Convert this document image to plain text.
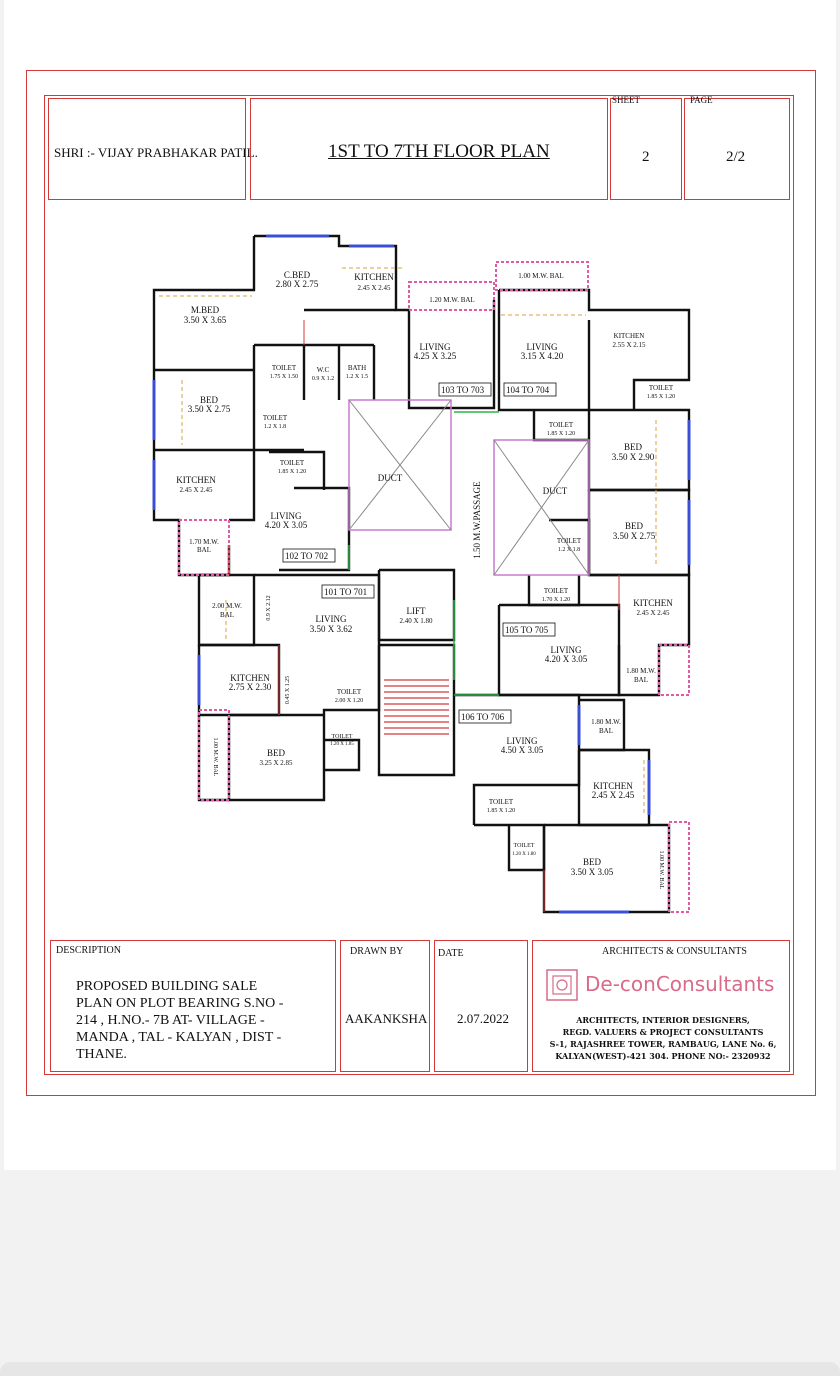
SHRI :- VIJAY PRABHAKAR PATIL.	1ST TO 7TH FLOOR PLAN
SHEET
2
PAGE
2/2
C.BED
2.80 X 2.75
KITCHEN
2.45 X 2.45
1.20 M.W. BAL
M.BED
3.50 X 3.65
LIVING
4.25 X 3.25
TOILET
1.75 X 1.50
W.C
0.9 X 1.2
BATH
1.2 X 1.5
BED
3.50 X 2.75
TOILET
1.2 X 1.8
TOILET
1.85 X 1.20
KITCHEN
2.45 X 2.45
DUCT
LIVING
4.20 X 3.05
1.70 M.W.
BAL
1.00 M.W. BAL
LIVING
3.15 X 4.20
KITCHEN
2.55 X 2.15
TOILET
1.85 X 1.20
TOILET
1.85 X 1.20
BED
3.50 X 2.90
DUCT
BED
3.50 X 2.75
TOILET
1.2 X 1.8
TOILET
1.70 X 1.20	KITCHEN
2.45 X 2.45
LIVING
4.20 X 3.05
1.80 M.W.
BAL
2.00 M.W.
BAL	LIVING
3.50 X 3.62
LIFT
2.40 X 1.80
KITCHEN
2.75 X 2.30	TOILET
2.00 X 1.20
TOILET
1.20 X 1.85
BED
3.25 X 2.85
LIVING
4.50 X 3.05
1.80 M.W.
BAL
KITCHEN
2.45 X 2.45
TOILET
1.85 X 1.20
TOILET
1.20 X 1.80
BED
3.50 X 3.05
1.50 M.W.PASSAGE
0.9 X 2.12
0.45 X 1.25
1.00 M.W. BAL
1.00 M.W. BAL
103 TO 703 104 TO 704
102 TO 702
101 TO 701
105 TO 705
106 TO 706
DESCRIPTION
PROPOSED BUILDING SALE
PLAN ON PLOT BEARING S.NO -
214 , H.NO.- 7B AT- VILLAGE -
MANDA , TAL - KALYAN , DIST -
THANE.
DRAWN BY
AAKANKSHA
DATE
2.07.2022
ARCHITECTS & CONSULTANTS
De-conConsultants
ARCHITECTS, INTERIOR DESIGNERS,
REGD. VALUERS & PROJECT CONSULTANTS
S-1, RAJASHREE TOWER, RAMBAUG, LANE No. 6,
KALYAN(WEST)-421 304. PHONE NO:- 2320932
